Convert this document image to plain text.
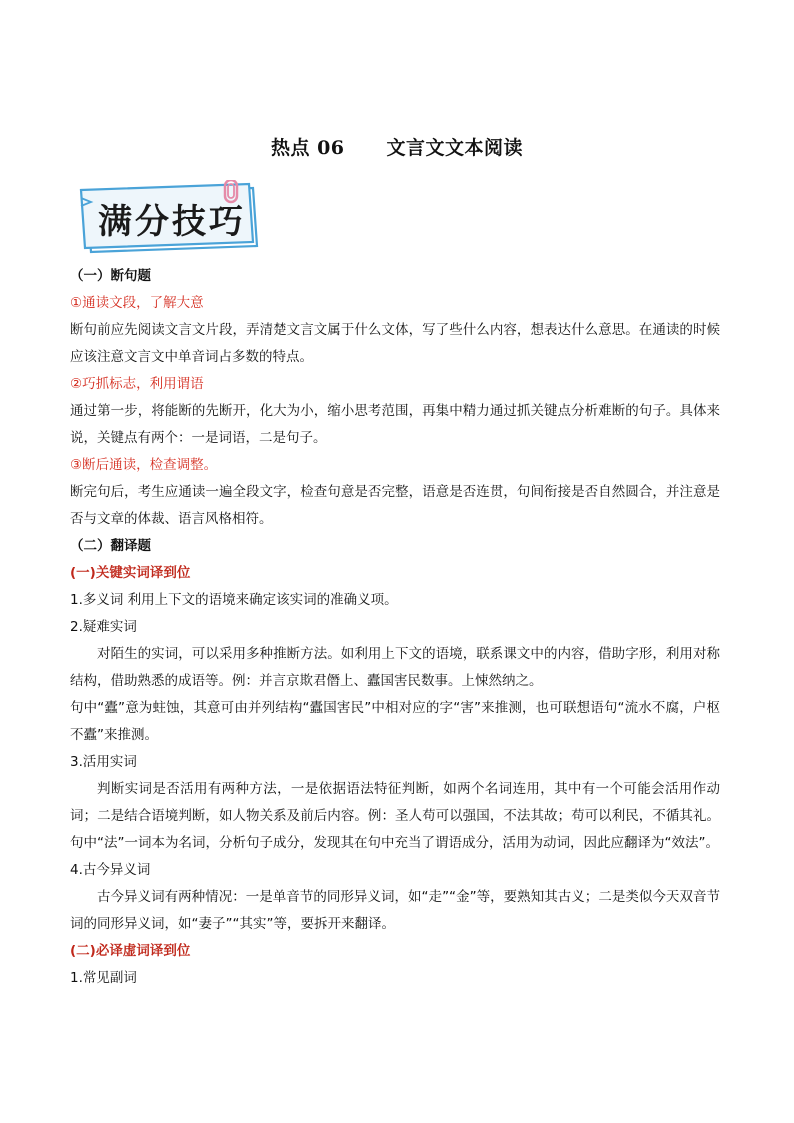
热点 06 文言文文本阅读
满分技巧

（一）断句题

①通读文段，了解大意

断句前应先阅读文言文片段，弄清楚文言文属于什么文体，写了些什么内容，想表达什么意思。在通读的时候应该注意文言文中单音词占多数的特点。

②巧抓标志，利用谓语

通过第一步，将能断的先断开，化大为小，缩小思考范围，再集中精力通过抓关键点分析难断的句子。具体来说，关键点有两个：一是词语，二是句子。

③断后通读，检查调整。

断完句后，考生应通读一遍全段文字，检查句意是否完整，语意是否连贯，句间衔接是否自然圆合，并注意是否与文章的体裁、语言风格相符。

（二）翻译题

(一)关键实词译到位

1.多义词 利用上下文的语境来确定该实词的准确义项。

2.疑难实词

对陌生的实词，可以采用多种推断方法。如利用上下文的语境，联系课文中的内容，借助字形，利用对称结构，借助熟悉的成语等。例：并言京欺君僭上、蠹国害民数事。上悚然纳之。

句中“蠹”意为蛀蚀，其意可由并列结构“蠹国害民”中相对应的字“害”来推测，也可联想语句“流水不腐，户枢不蠹”来推测。

3.活用实词

判断实词是否活用有两种方法，一是依据语法特征判断，如两个名词连用，其中有一个可能会活用作动词；二是结合语境判断，如人物关系及前后内容。例：圣人苟可以强国，不法其故；苟可以利民，不循其礼。句中“法”一词本为名词，分析句子成分，发现其在句中充当了谓语成分，活用为动词，因此应翻译为“效法”。

4.古今异义词

古今异义词有两种情况：一是单音节的同形异义词，如“走”“金”等，要熟知其古义；二是类似今天双音节词的同形异义词，如“妻子”“其实”等，要拆开来翻译。

(二)必译虚词译到位

1.常见副词
